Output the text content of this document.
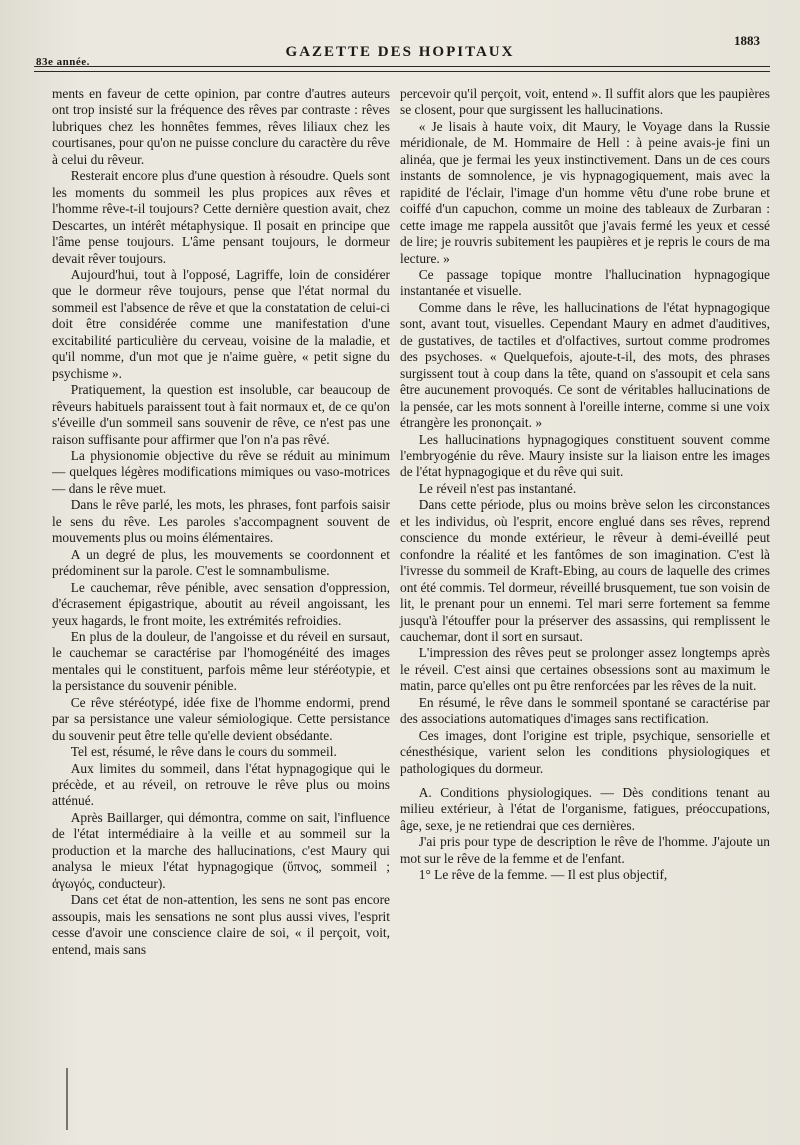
1883
GAZETTE DES HOPITAUX
83e année.

ments en faveur de cette opinion, par contre d'autres auteurs ont trop insisté sur la fréquence des rêves par contraste : rêves lubriques chez les honnêtes femmes, rêves liliaux chez les courtisanes, pour qu'on ne puisse conclure du caractère du rêve à celui du rêveur.

Resterait encore plus d'une question à résoudre. Quels sont les moments du sommeil les plus propices aux rêves et l'homme rêve-t-il toujours? Cette dernière question avait, chez Descartes, un intérêt métaphysique. Il posait en principe que l'âme pense toujours. L'âme pensant toujours, le dormeur devait rêver toujours.

Aujourd'hui, tout à l'opposé, Lagriffe, loin de considérer que le dormeur rêve toujours, pense que l'état normal du sommeil est l'absence de rêve et que la constatation de celui-ci doit être considérée comme une manifestation d'une excitabilité particulière du cerveau, voisine de la maladie, et qu'il nomme, d'un mot que je n'aime guère, « petit signe du psychisme ».

Pratiquement, la question est insoluble, car beaucoup de rêveurs habituels paraissent tout à fait normaux et, de ce qu'on s'éveille d'un sommeil sans souvenir de rêve, ce n'est pas une raison suffisante pour affirmer que l'on n'a pas rêvé.

La physionomie objective du rêve se réduit au minimum — quelques légères modifications mimiques ou vaso-motrices — dans le rêve muet.

Dans le rêve parlé, les mots, les phrases, font parfois saisir le sens du rêve. Les paroles s'accompagnent souvent de mouvements plus ou moins élémentaires.

A un degré de plus, les mouvements se coordonnent et prédominent sur la parole. C'est le somnambulisme.

Le cauchemar, rêve pénible, avec sensation d'oppression, d'écrasement épigastrique, aboutit au réveil angoissant, les yeux hagards, le front moite, les extrémités refroidies.

En plus de la douleur, de l'angoisse et du réveil en sursaut, le cauchemar se caractérise par l'homogénéité des images mentales qui le constituent, parfois même leur stéréotypie, et la persistance du souvenir pénible.

Ce rêve stéréotypé, idée fixe de l'homme endormi, prend par sa persistance une valeur sémiologique. Cette persistance du souvenir peut être telle qu'elle devient obsédante.

Tel est, résumé, le rêve dans le cours du sommeil.

Aux limites du sommeil, dans l'état hypnagogique qui le précède, et au réveil, on retrouve le rêve plus ou moins atténué.

Après Baillarger, qui démontra, comme on sait, l'influence de l'état intermédiaire à la veille et au sommeil sur la production et la marche des hallucinations, c'est Maury qui analysa le mieux l'état hypnagogique (ὕπνος, sommeil ; ἀγωγός, conducteur).

Dans cet état de non-attention, les sens ne sont pas encore assoupis, mais les sensations ne sont plus aussi vives, l'esprit cesse d'avoir une conscience claire de soi, « il perçoit, voit, entend, mais sans

percevoir qu'il perçoit, voit, entend ». Il suffit alors que les paupières se closent, pour que surgissent les hallucinations.

« Je lisais à haute voix, dit Maury, le Voyage dans la Russie méridionale, de M. Hommaire de Hell : à peine avais-je fini un alinéa, que je fermai les yeux instinctivement. Dans un de ces cours instants de somnolence, je vis hypnagogiquement, mais avec la rapidité de l'éclair, l'image d'un homme vêtu d'une robe brune et coiffé d'un capuchon, comme un moine des tableaux de Zurbaran : cette image me rappela aussitôt que j'avais fermé les yeux et cessé de lire; je rouvris subitement les paupières et je repris le cours de ma lecture. »

Ce passage topique montre l'hallucination hypnagogique instantanée et visuelle.

Comme dans le rêve, les hallucinations de l'état hypnagogique sont, avant tout, visuelles. Cependant Maury en admet d'auditives, de gustatives, de tactiles et d'olfactives, surtout comme prodromes des psychoses. « Quelquefois, ajoute-t-il, des mots, des phrases surgissent tout à coup dans la tête, quand on s'assoupit et cela sans être aucunement provoqués. Ce sont de véritables hallucinations de la pensée, car les mots sonnent à l'oreille interne, comme si une voix étrangère les prononçait. »

Les hallucinations hypnagogiques constituent souvent comme l'embryogénie du rêve. Maury insiste sur la liaison entre les images de l'état hypnagogique et du rêve qui suit.

Le réveil n'est pas instantané.

Dans cette période, plus ou moins brève selon les circonstances et les individus, où l'esprit, encore englué dans ses rêves, reprend conscience du monde extérieur, le rêveur à demi-éveillé peut confondre la réalité et les fantômes de son imagination. C'est là l'ivresse du sommeil de Kraft-Ebing, au cours de laquelle des crimes ont été commis. Tel dormeur, réveillé brusquement, tue son voisin de lit, le prenant pour un ennemi. Tel mari serre fortement sa femme jusqu'à l'étouffer pour la préserver des assassins, qui remplissent le cauchemar, dont il sort en sursaut.

L'impression des rêves peut se prolonger assez longtemps après le réveil. C'est ainsi que certaines obsessions sont au maximum le matin, parce qu'elles ont pu être renforcées par les rêves de la nuit.

En résumé, le rêve dans le sommeil spontané se caractérise par des associations automatiques d'images sans rectification.

Ces images, dont l'origine est triple, psychique, sensorielle et cénesthésique, varient selon les conditions physiologiques et pathologiques du dormeur.

A. Conditions physiologiques. — Dès conditions tenant au milieu extérieur, à l'état de l'organisme, fatigues, préoccupations, âge, sexe, je ne retiendrai que ces dernières.

J'ai pris pour type de description le rêve de l'homme. J'ajoute un mot sur le rêve de la femme et de l'enfant.

1° Le rêve de la femme. — Il est plus objectif,
